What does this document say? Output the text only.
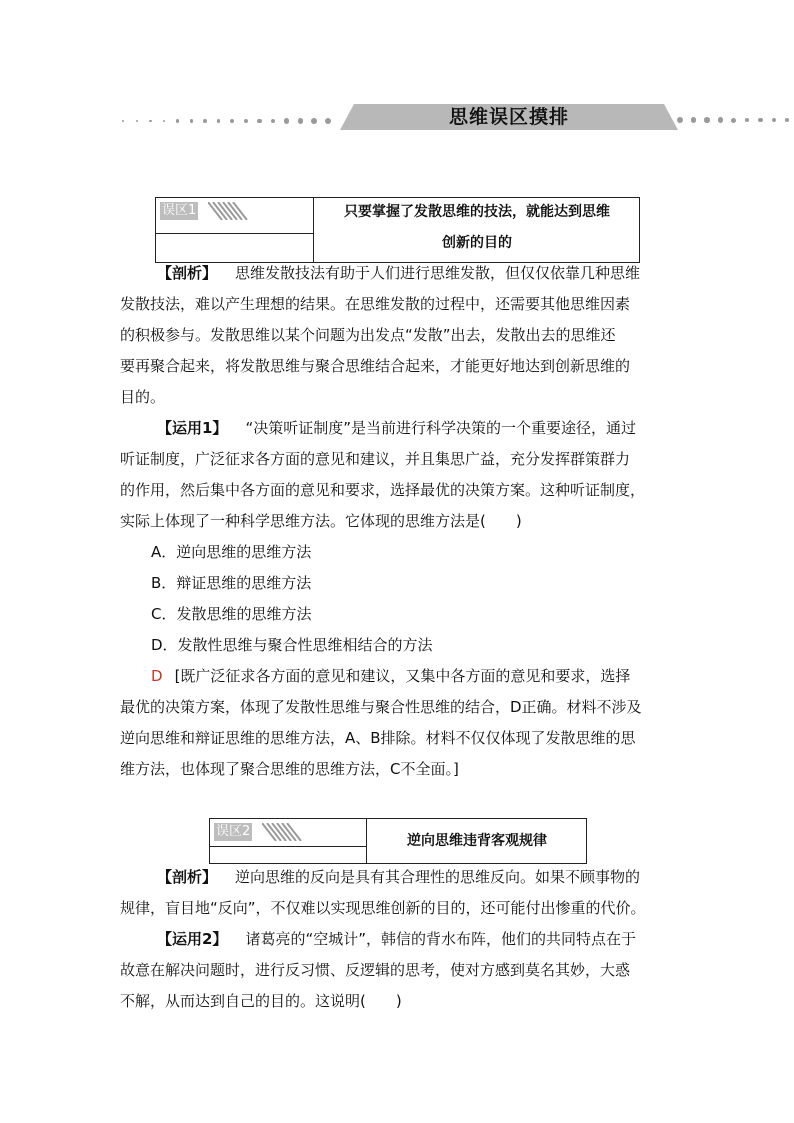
思维误区摸排
误区1	只要掌握了发散思维的技法，就能达到思维
创新的目的
【剖析】 思维发散技法有助于人们进行思维发散，但仅仅依靠几种思维
发散技法，难以产生理想的结果。在思维发散的过程中，还需要其他思维因素
的积极参与。发散思维以某个问题为出发点“发散”出去，发散出去的思维还
要再聚合起来，将发散思维与聚合思维结合起来，才能更好地达到创新思维的
目的。
【运用1】 “决策听证制度”是当前进行科学决策的一个重要途径，通过
听证制度，广泛征求各方面的意见和建议，并且集思广益，充分发挥群策群力
的作用，然后集中各方面的意见和要求，选择最优的决策方案。这种听证制度，
实际上体现了一种科学思维方法。它体现的思维方法是(　　)
A．逆向思维的思维方法
B．辩证思维的思维方法
C．发散思维的思维方法
D．发散性思维与聚合性思维相结合的方法
D [既广泛征求各方面的意见和建议，又集中各方面的意见和要求，选择
最优的决策方案，体现了发散性思维与聚合性思维的结合，D正确。材料不涉及
逆向思维和辩证思维的思维方法，A、B排除。材料不仅仅体现了发散思维的思
维方法，也体现了聚合思维的思维方法，C不全面。]
误区2
逆向思维违背客观规律
【剖析】 逆向思维的反向是具有其合理性的思维反向。如果不顾事物的
规律，盲目地“反向”，不仅难以实现思维创新的目的，还可能付出惨重的代价。
【运用2】 诸葛亮的“空城计”，韩信的背水布阵，他们的共同特点在于
故意在解决问题时，进行反习惯、反逻辑的思考，使对方感到莫名其妙，大惑
不解，从而达到自己的目的。这说明(　　)
